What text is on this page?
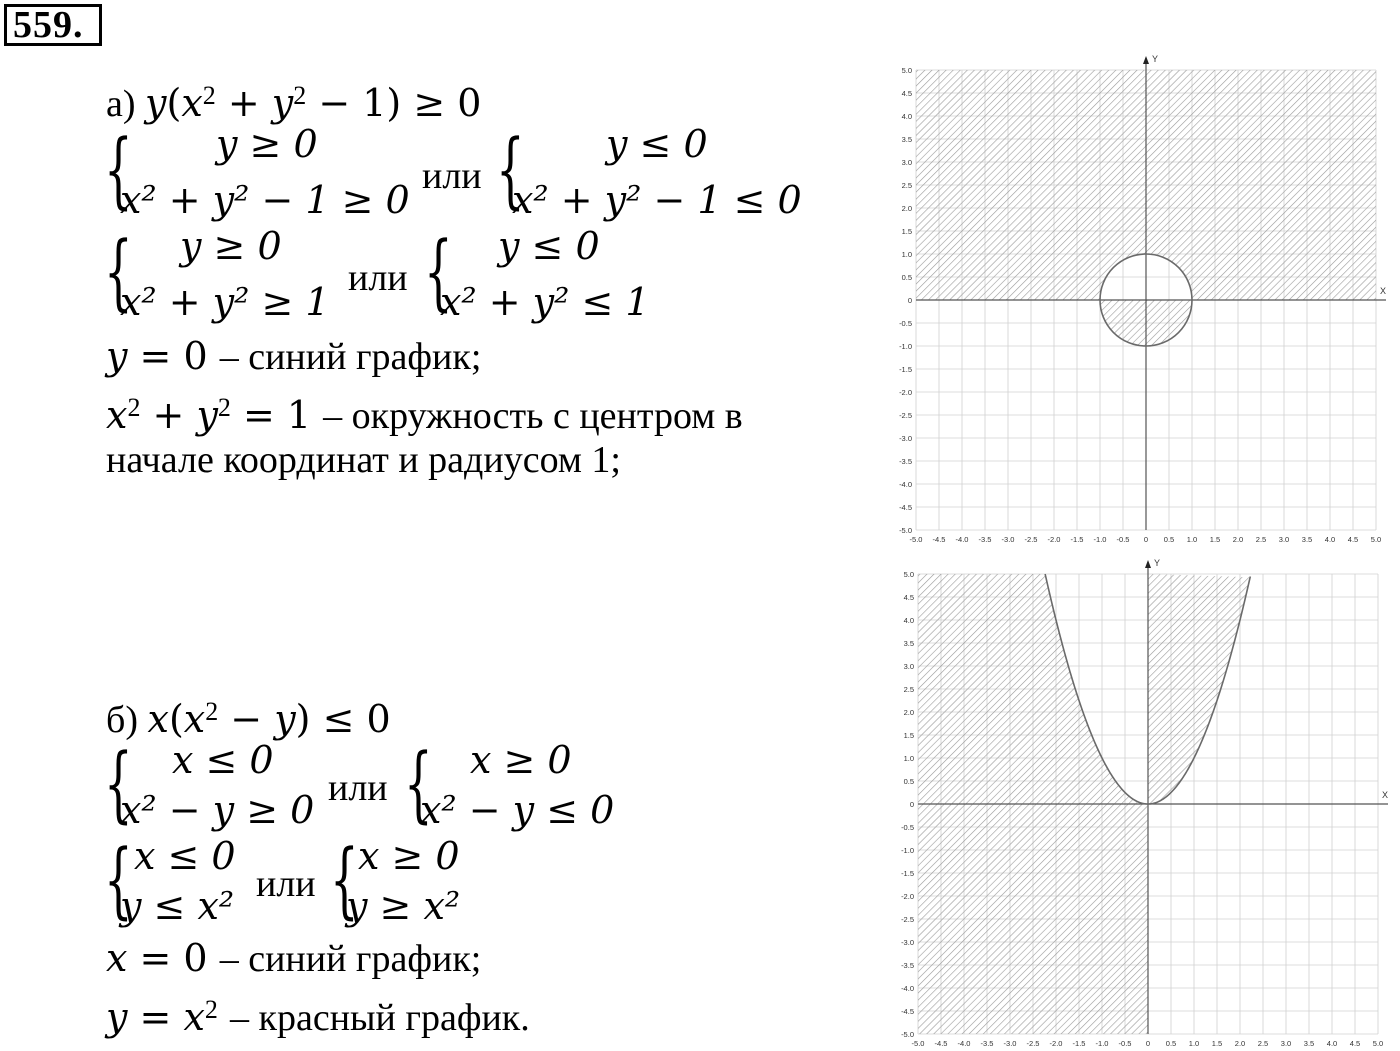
559.
а) $y(x^2 + y^2 - 1) \ge 0$
{ y ≥ 0
x² + y² − 1 ≥ 0
или { y ≤ 0
x² + y² − 1 ≤ 0
{ y ≥ 0
x² + y² ≥ 1
или { y ≤ 0
x² + y² ≤ 1
y = 0 – синий график;
$x^2 + y^2 = 1$ – окружность с центром в
начале координат и радиусом 1;
б) $x(x^2 - y) \le 0$
{ x ≤ 0
x² − y ≥ 0 или { x ≥ 0
x² − y ≤ 0
{ x ≤ 0
y ≤ x² или { x ≥ 0
y ≥ x²
x = 0 – синий график;
$y = x^2$ – красный график.
X
Y
-5.0 -4.5 -4.0 -3.5 -3.0 -2.5 -2.0 -1.5 -1.0 -0.5 0 0.5 1.0 1.5 2.0 2.5 3.0 3.5 4.0 4.5 5.0
5.0
4.5
4.0
3.5
3.0
2.5
2.0
1.5
1.0
0.5
0
-0.5
-1.0
-1.5
-2.0
-2.5
-3.0
-3.5
-4.0
-4.5
-5.0
X
Y
-5.0 -4.5 -4.0 -3.5 -3.0 -2.5 -2.0 -1.5 -1.0 -0.5 0 0.5 1.0 1.5 2.0 2.5 3.0 3.5 4.0 4.5 5.0
5.0
4.5
4.0
3.5
3.0
2.5
2.0
1.5
1.0
0.5
0
-0.5
-1.0
-1.5
-2.0
-2.5
-3.0
-3.5
-4.0
-4.5
-5.0
